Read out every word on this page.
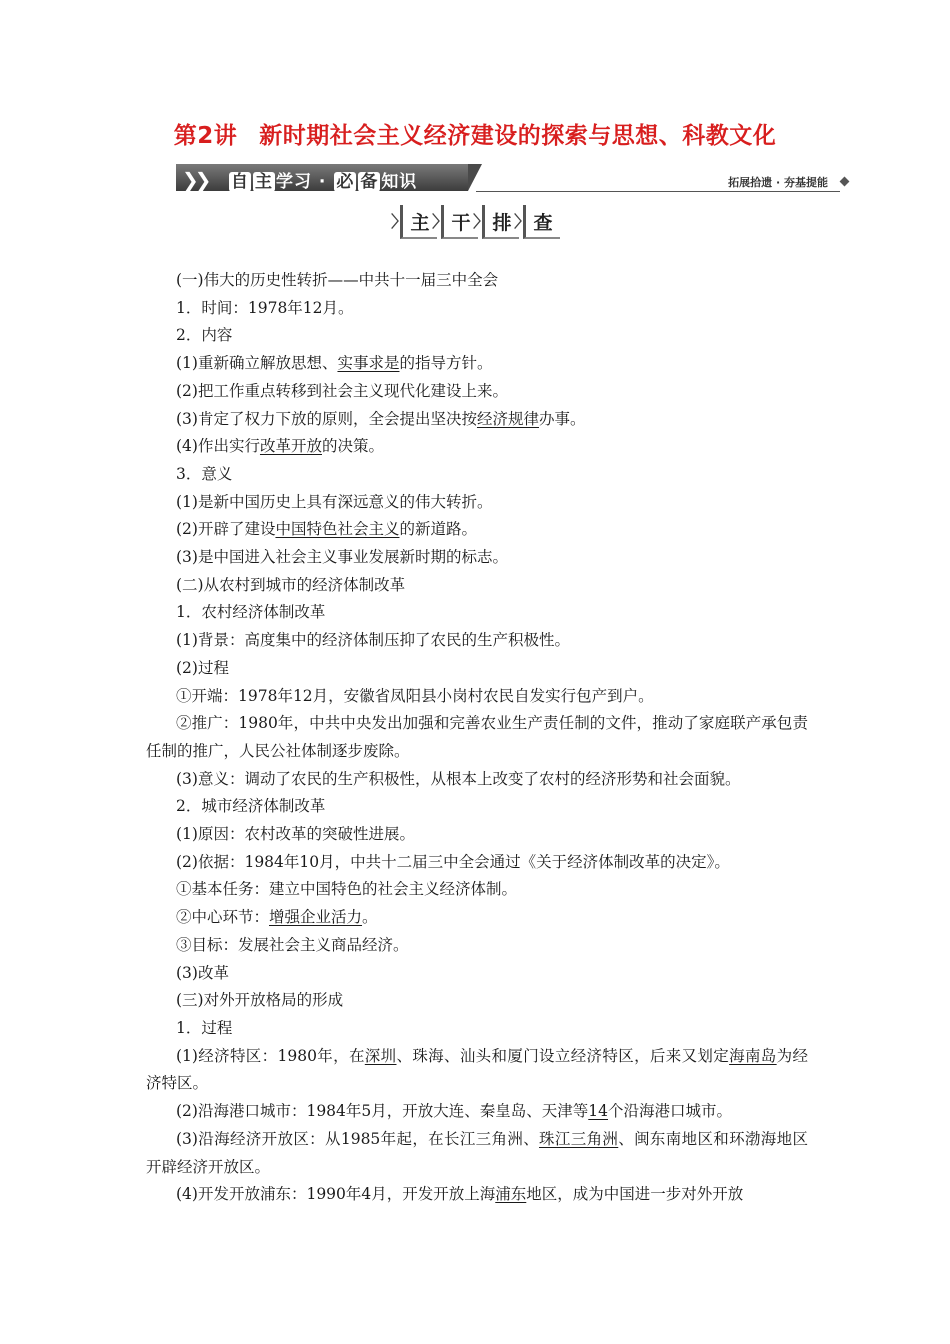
第2讲 新时期社会主义经济建设的探索与思想、科教文化
❯❯ 自 主 学习 · 必 备 知识	拓展拾遗 · 夯基提能
〉 主	〉 干	〉 排	〉 查

(一)伟大的历史性转折——中共十一届三中全会

1．时间：1978年12月。

2．内容

(1)重新确立解放思想、实事求是的指导方针。

(2)把工作重点转移到社会主义现代化建设上来。

(3)肯定了权力下放的原则，全会提出坚决按经济规律办事。

(4)作出实行改革开放的决策。

3．意义

(1)是新中国历史上具有深远意义的伟大转折。

(2)开辟了建设中国特色社会主义的新道路。

(3)是中国进入社会主义事业发展新时期的标志。

(二)从农村到城市的经济体制改革

1．农村经济体制改革

(1)背景：高度集中的经济体制压抑了农民的生产积极性。

(2)过程

①开端：1978年12月，安徽省凤阳县小岗村农民自发实行包产到户。

②推广：1980年，中共中央发出加强和完善农业生产责任制的文件，推动了家庭联产承包责任制的推广，人民公社体制逐步废除。

(3)意义：调动了农民的生产积极性，从根本上改变了农村的经济形势和社会面貌。

2．城市经济体制改革

(1)原因：农村改革的突破性进展。

(2)依据：1984年10月，中共十二届三中全会通过《关于经济体制改革的决定》。

①基本任务：建立中国特色的社会主义经济体制。

②中心环节：增强企业活力。

③目标：发展社会主义商品经济。

(3)改革

(三)对外开放格局的形成

1．过程

(1)经济特区：1980年，在深圳、珠海、汕头和厦门设立经济特区，后来又划定海南岛为经济特区。

(2)沿海港口城市：1984年5月，开放大连、秦皇岛、天津等14个沿海港口城市。

(3)沿海经济开放区：从1985年起，在长江三角洲、珠江三角洲、闽东南地区和环渤海地区开辟经济开放区。

(4)开发开放浦东：1990年4月，开发开放上海浦东地区，成为中国进一步对外开放
